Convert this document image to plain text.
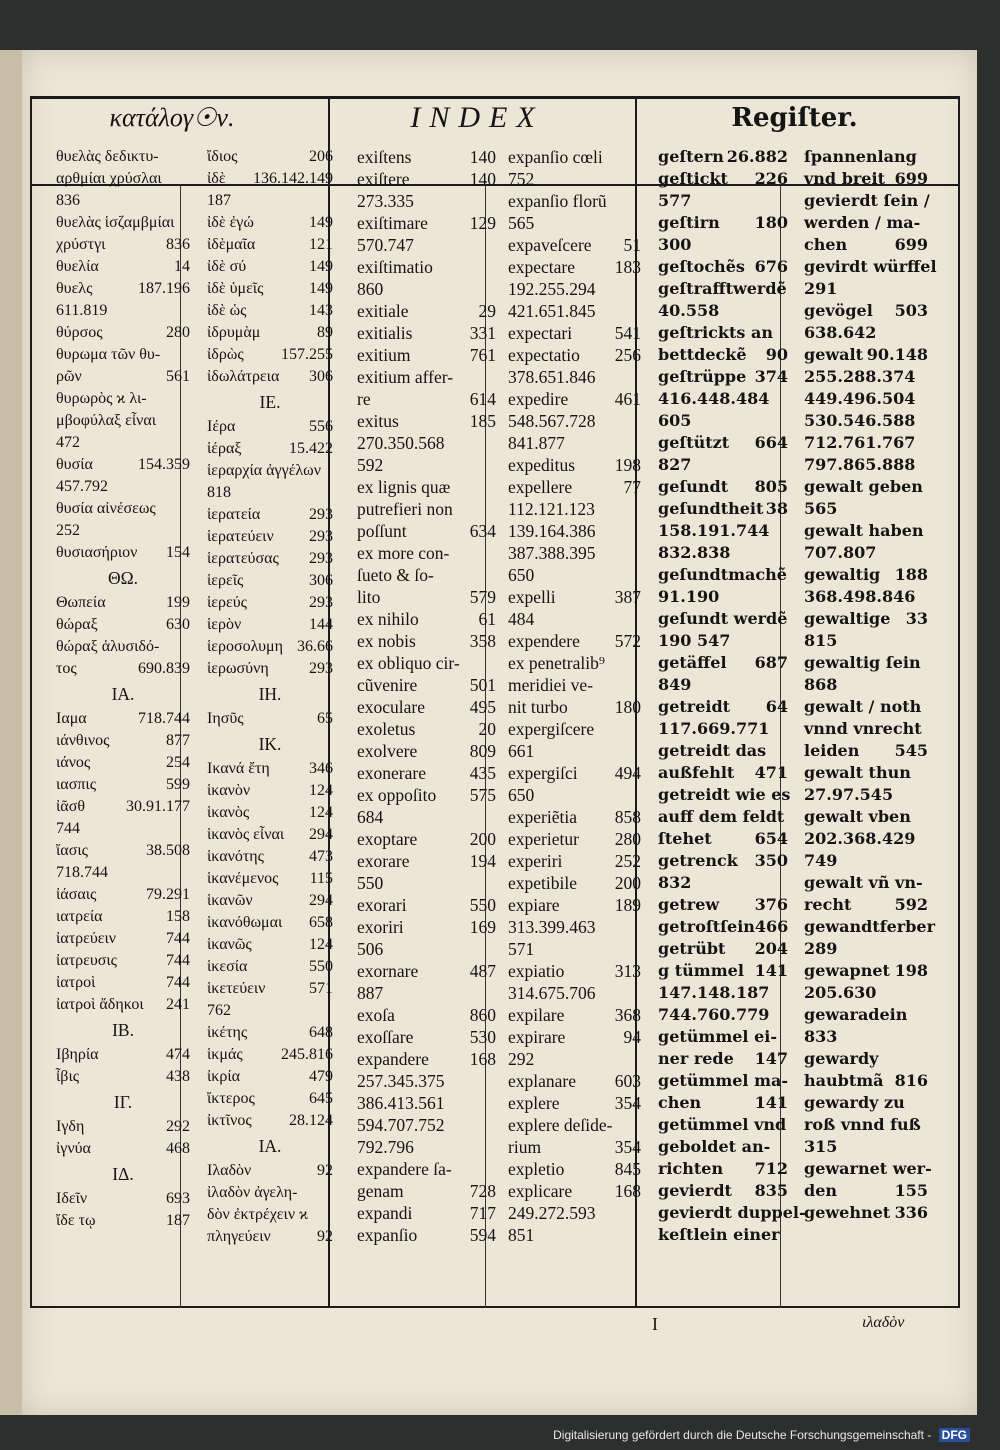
κατάλογ☉ν.	INDEX	Regiſter.
θυελὰς δεδικτυ-
αρθμίαι χρύσλαι
836
θυελὰς ἱσζαμβμίαι
χρύστγι	836
θυελία	14
θυελς	187.196
611.819
θύρσος	280
θυρωμα τῶν θυ-
ρῶν	561
θυρωρὸς ϰ λι-
μβοφύλαξ εἶναι
472
θυσία	154.359
457.792
θυσία αἰνέσεως
252
θυσιασήριον 154
ΘΩ.
Θωπεία	199
θώραξ	630
θώραξ ἁλυσιδό-
τος	690.839
ΙΑ.
Ιαμα	718.744
ιάνθινος	877
ιάνος	254
ιασπις	599
ἰᾶσθ	30.91.177
744
ἴασις	38.508
718.744
ἰάσαις	79.291
ιατρεία	158
ἰατρεύειν	744
ἰατρευσις	744
ἰατροὶ	744
ἰατροὶ ἄδηκοι 241
ΙΒ.
Ιβηρία	474
ἶβις	438
ΙΓ.
Ιγδη	292
ἰγνύα	468
ΙΔ.
Ιδεῖν	693
ἴδε τῳ	187
ἴδιος	206
ἰδὲ 136.142.149
187
ἰδὲ ἐγώ	149
ἰδὲμαῖα	121
ἰδὲ σύ	149
ἰδὲ ὑμεῖς	149
ἰδὲ ὡς	143
ἰδρυμὰμ	89
ἰδρὼς 157.255
ἰδωλάτρεια 306
IE.
Ιέρα	556
ἱέραξ	15.422
ἱεραρχία ἀγγέλων
818
ἱερατεία	293
ἱερατεύειν 293
ἱερατεύσας 293
ἱερεῖς	306
ἱερεύς	293
ἱερὸν	144
ἱεροσολυμη 36.66
ἱερωσύνη	293
IH.
Ιησῦς	65
IK.
Ικανά ἔτη 346
ἱκανὸν	124
ἱκανὸς	124
ἱκανὸς εἶναι 294
ἱκανότης	473
ἱκανέμενος 115
ἱκανῶν	294
ἱκανόθωμαι 658
ἱκανῶς	124
ἱκεσία	550
ἱκετεύειν	571
762
ἱκέτης	648
ἱκμάς 245.816
ἰκρία	479
ἴκτερος	645
ἰκτῖνος 28.124
IA.
Ιλαδὸν	92
ἰλαδὸν ἀγελη-
δὸν ἐκτρέχειν ϰ
πληγεύειν	92
exiſtens	140
exiſtere	140
273.335
exiſtimare 129
570.747
exiſtimatio
860
exitiale	29
exitialis	331
exitium	761
exitium affer-
re	614
exitus	185
270.350.568
592
ex lignis quæ
putrefieri non
poſſunt	634
ex more con-
ſueto & ſo-
lito	579
ex nihilo	61
ex nobis	358
ex obliquo cir-
cũvenire	501
exoculare	495
exoletus	20
exolvere	809
exonerare	435
ex oppoſito 575
684
exoptare	200
exorare	194
550
exorari	550
exoriri	169
506
exornare	487
887
exoſa	860
exoſſare	530
expandere 168
257.345.375
386.413.561
594.707.752
792.796
expandere ſa-
genam	728
expandi	717
expanſio	594
expanſio cœli
752
expanſio florũ
565
expaveſcere 51
expectare 183
192.255.294
421.651.845
expectari 541
expectatio 256
378.651.846
expedire	461
548.567.728
841.877
expeditus 198
expellere	77
112.121.123
139.164.386
387.388.395
650
expelli	387
484
expendere 572
ex penetralib⁹
meridiei ve-
nit turbo	180
expergiſcere
661
expergiſci 494
650
experiẽtia 858
experietur 280
experiri	252
expetibile 200
expiare	189
313.399.463
571
expiatio	313
314.675.706
expilare	368
expirare	94
292
explanare 603
explere	354
explere deſide-
rium	354
expletio	845
explicare 168
249.272.593
851
geſtern 26.882
geſtickt 226
577
geſtirn 180
300
geſtochẽs 676
geſtrafftwerdẽ
40.558
geſtrickts an
bettdeckẽ 90
geſtrüppe 374
416.448.484
605
geſtützt 664
827
geſundt 805
geſundtheit 38
158.191.744
832.838
geſundtmachẽ
91.190
geſundt werdẽ
190 547
getäffel 687
849
getreidt 64
117.669.771
getreidt das
außfehlt 471
getreidt wie es
auff dem feldt
ſtehet	654
getrenck 350
832
getrew 376
getroſtſein 466
getrübt 204
g tümmel 141
147.148.187
744.760.779
getümmel ei-
ner rede 147
getümmel ma-
chen	141
getümmel vnd
geboldet an-
richten 712
gevierdt 835
gevierdt duppel-
keſtlein einer
ſpannenlang
vnd breit 699
gevierdt ſein /
werden / ma-
chen	699
gevirdt würffel
291
gevögel 503
638.642
gewalt 90.148
255.288.374
449.496.504
530.546.588
712.761.767
797.865.888
gewalt geben
565
gewalt haben
707.807
gewaltig 188
368.498.846
gewaltige 33
815
gewaltig ſein
868
gewalt / noth
vnnd vnrecht
leiden 545
gewalt thun
27.97.545
gewalt vben
202.368.429
749
gewalt vñ vn-
recht	592
gewandtferber
289
gewapnet 198
205.630
gewaradein
833
gewardy
haubtmã 816
gewardy zu
roß vnnd fuß
315
gewarnet wer-
den	155
gewehnet 336
I	ιλαδὸν
Digitalisierung gefördert durch die Deutsche Forschungsgemeinschaft - DFG
